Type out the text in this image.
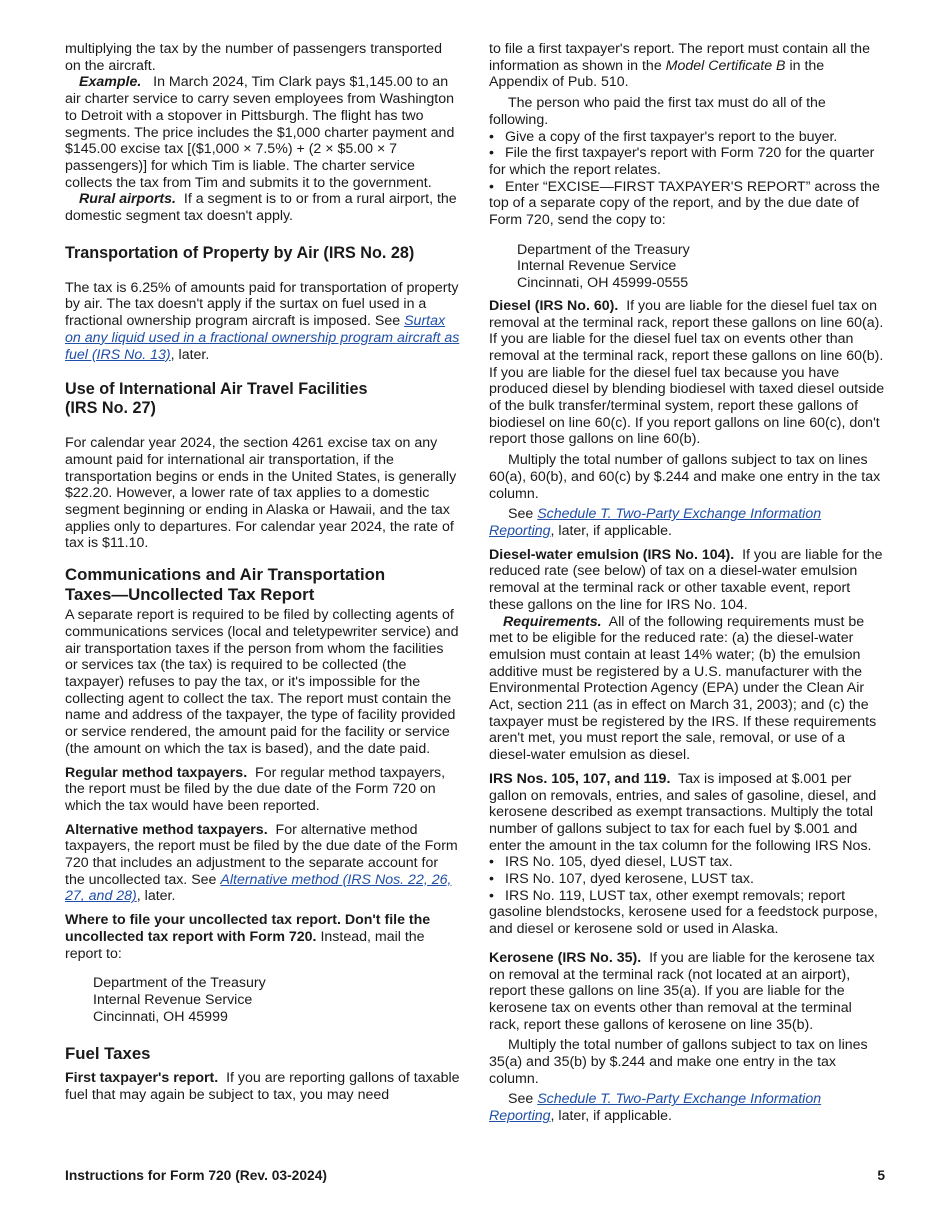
multiplying the tax by the number of passengers transported on the aircraft.

Example. In March 2024, Tim Clark pays $1,145.00 to an air charter service to carry seven employees from Washington to Detroit with a stopover in Pittsburgh. The flight has two segments. The price includes the $1,000 charter payment and $145.00 excise tax [($1,000 × 7.5%) + (2 × $5.00 × 7 passengers)] for which Tim is liable. The charter service collects the tax from Tim and submits it to the government.

Rural airports. If a segment is to or from a rural airport, the domestic segment tax doesn't apply.

Transportation of Property by Air (IRS No. 28)

The tax is 6.25% of amounts paid for transportation of property by air. The tax doesn't apply if the surtax on fuel used in a fractional ownership program aircraft is imposed. See Surtax on any liquid used in a fractional ownership program aircraft as fuel (IRS No. 13), later.

Use of International Air Travel Facilities
(IRS No. 27)

For calendar year 2024, the section 4261 excise tax on any amount paid for international air transportation, if the transportation begins or ends in the United States, is generally $22.20. However, a lower rate of tax applies to a domestic segment beginning or ending in Alaska or Hawaii, and the tax applies only to departures. For calendar year 2024, the rate of tax is $11.10.

Communications and Air Transportation
Taxes—Uncollected Tax Report

A separate report is required to be filed by collecting agents of communications services (local and teletypewriter service) and air transportation taxes if the person from whom the facilities or services tax (the tax) is required to be collected (the taxpayer) refuses to pay the tax, or it's impossible for the collecting agent to collect the tax. The report must contain the name and address of the taxpayer, the type of facility provided or service rendered, the amount paid for the facility or service (the amount on which the tax is based), and the date paid.

Regular method taxpayers. For regular method taxpayers, the report must be filed by the due date of the Form 720 on which the tax would have been reported.

Alternative method taxpayers. For alternative method taxpayers, the report must be filed by the due date of the Form 720 that includes an adjustment to the separate account for the uncollected tax. See Alternative method (IRS Nos. 22, 26, 27, and 28), later.

Where to file your uncollected tax report. Don't file the uncollected tax report with Form 720. Instead, mail the report to:

Department of the Treasury
Internal Revenue Service
Cincinnati, OH 45999
Fuel Taxes

First taxpayer's report. If you are reporting gallons of taxable fuel that may again be subject to tax, you may need

to file a first taxpayer's report. The report must contain all the information as shown in the Model Certificate B in the Appendix of Pub. 510.

The person who paid the first tax must do all of the following.

• Give a copy of the first taxpayer's report to the buyer.

• File the first taxpayer's report with Form 720 for the quarter for which the report relates.

• Enter “EXCISE—FIRST TAXPAYER'S REPORT” across the top of a separate copy of the report, and by the due date of Form 720, send the copy to:

Department of the Treasury
Internal Revenue Service
Cincinnati, OH 45999-0555

Diesel (IRS No. 60). If you are liable for the diesel fuel tax on removal at the terminal rack, report these gallons on line 60(a). If you are liable for the diesel fuel tax on events other than removal at the terminal rack, report these gallons on line 60(b). If you are liable for the diesel fuel tax because you have produced diesel by blending biodiesel with taxed diesel outside of the bulk transfer/terminal system, report these gallons of biodiesel on line 60(c). If you report gallons on line 60(c), don't report those gallons on line 60(b).

Multiply the total number of gallons subject to tax on lines 60(a), 60(b), and 60(c) by $.244 and make one entry in the tax column.

See Schedule T. Two-Party Exchange Information Reporting, later, if applicable.

Diesel-water emulsion (IRS No. 104). If you are liable for the reduced rate (see below) of tax on a diesel-water emulsion removal at the terminal rack or other taxable event, report these gallons on the line for IRS No. 104.

Requirements. All of the following requirements must be met to be eligible for the reduced rate: (a) the diesel-water emulsion must contain at least 14% water; (b) the emulsion additive must be registered by a U.S. manufacturer with the Environmental Protection Agency (EPA) under the Clean Air Act, section 211 (as in effect on March 31, 2003); and (c) the taxpayer must be registered by the IRS. If these requirements aren't met, you must report the sale, removal, or use of a diesel-water emulsion as diesel.

IRS Nos. 105, 107, and 119. Tax is imposed at $.001 per gallon on removals, entries, and sales of gasoline, diesel, and kerosene described as exempt transactions. Multiply the total number of gallons subject to tax for each fuel by $.001 and enter the amount in the tax column for the following IRS Nos.

• IRS No. 105, dyed diesel, LUST tax.

• IRS No. 107, dyed kerosene, LUST tax.

• IRS No. 119, LUST tax, other exempt removals; report gasoline blendstocks, kerosene used for a feedstock purpose, and diesel or kerosene sold or used in Alaska.

Kerosene (IRS No. 35). If you are liable for the kerosene tax on removal at the terminal rack (not located at an airport), report these gallons on line 35(a). If you are liable for the kerosene tax on events other than removal at the terminal rack, report these gallons of kerosene on line 35(b).

Multiply the total number of gallons subject to tax on lines 35(a) and 35(b) by $.244 and make one entry in the tax column.

See Schedule T. Two-Party Exchange Information Reporting, later, if applicable.

Instructions for Form 720 (Rev. 03-2024)	5
